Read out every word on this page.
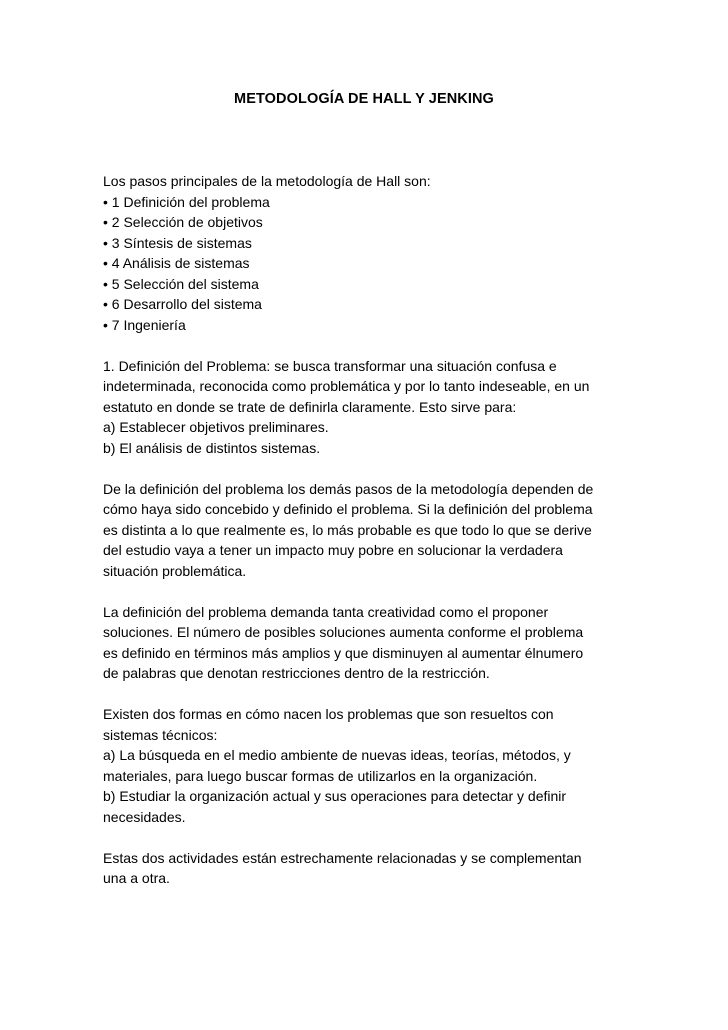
METODOLOGÍA DE HALL Y JENKING
Los pasos principales de la metodología de Hall son:
• 1 Definición del problema
• 2 Selección de objetivos
• 3 Síntesis de sistemas
• 4 Análisis de sistemas
• 5 Selección del sistema
• 6 Desarrollo del sistema
• 7 Ingeniería
1. Definición del Problema: se busca transformar una situación confusa e
indeterminada, reconocida como problemática y por lo tanto indeseable, en un
estatuto en donde se trate de definirla claramente. Esto sirve para:
a) Establecer objetivos preliminares.
b) El análisis de distintos sistemas.
De la definición del problema los demás pasos de la metodología dependen de
cómo haya sido concebido y definido el problema. Si la definición del problema
es distinta a lo que realmente es, lo más probable es que todo lo que se derive
del estudio vaya a tener un impacto muy pobre en solucionar la verdadera
situación problemática.
La definición del problema demanda tanta creatividad como el proponer
soluciones. El número de posibles soluciones aumenta conforme el problema
es definido en términos más amplios y que disminuyen al aumentar élnumero
de palabras que denotan restricciones dentro de la restricción.
Existen dos formas en cómo nacen los problemas que son resueltos con
sistemas técnicos:
a) La búsqueda en el medio ambiente de nuevas ideas, teorías, métodos, y
materiales, para luego buscar formas de utilizarlos en la organización.
b) Estudiar la organización actual y sus operaciones para detectar y definir
necesidades.
Estas dos actividades están estrechamente relacionadas y se complementan
una a otra.
